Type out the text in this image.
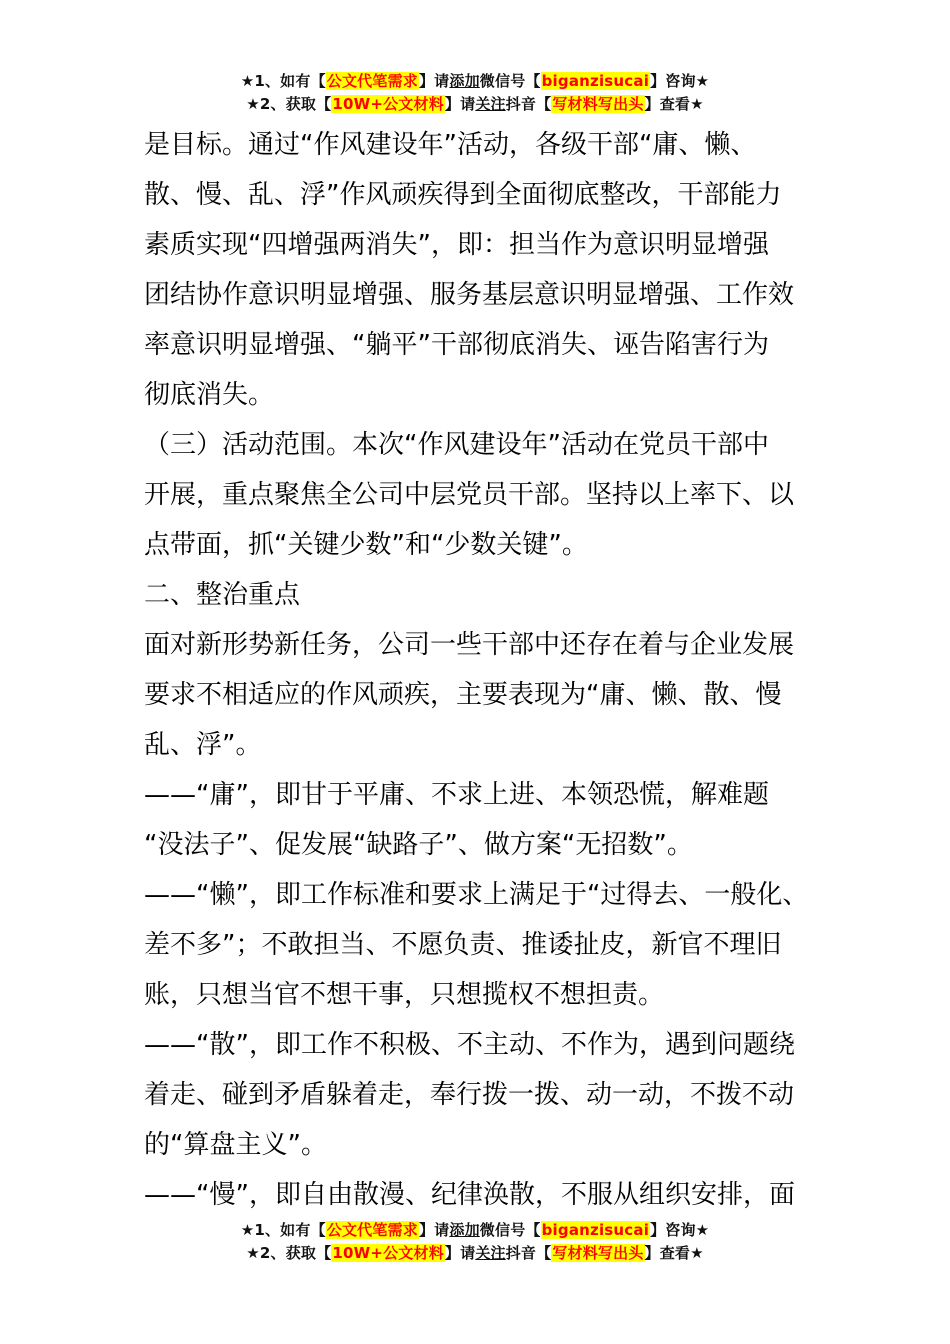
★1、如有【公文代笔需求】请添加微信号【biganzisucai】咨询★
★2、获取【10W+公文材料】请关注抖音【写材料写出头】查看★

是目标。通过“作风建设年”活动，各级干部“庸、懒、

散、慢、乱、浮”作风顽疾得到全面彻底整改，干部能力

素质实现“四增强两消失”，即：担当作为意识明显增强

团结协作意识明显增强、服务基层意识明显增强、工作效

率意识明显增强、“躺平”干部彻底消失、诬告陷害行为

彻底消失。

（三）活动范围。本次“作风建设年”活动在党员干部中

开展，重点聚焦全公司中层党员干部。坚持以上率下、以

点带面，抓“关键少数”和“少数关键”。

二、整治重点

面对新形势新任务，公司一些干部中还存在着与企业发展

要求不相适应的作风顽疾，主要表现为“庸、懒、散、慢

乱、浮”。

——“庸”，即甘于平庸、不求上进、本领恐慌，解难题

“没法子”、促发展“缺路子”、做方案“无招数”。

——“懒”，即工作标准和要求上满足于“过得去、一般化、

差不多”；不敢担当、不愿负责、推诿扯皮，新官不理旧

账，只想当官不想干事，只想揽权不想担责。

——“散”，即工作不积极、不主动、不作为，遇到问题绕

着走、碰到矛盾躲着走，奉行拨一拨、动一动，不拨不动

的“算盘主义”。

——“慢”，即自由散漫、纪律涣散，不服从组织安排，面

★1、如有【公文代笔需求】请添加微信号【biganzisucai】咨询★
★2、获取【10W+公文材料】请关注抖音【写材料写出头】查看★
